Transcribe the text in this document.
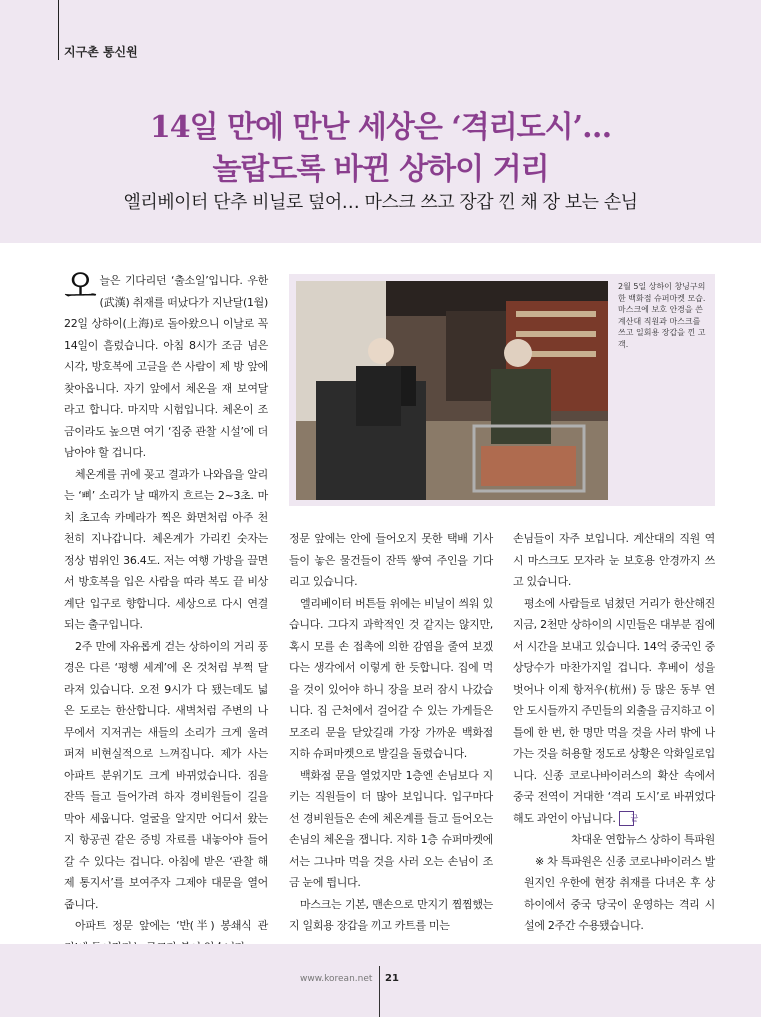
지구촌 통신원
14일 만에 만난 세상은 ‘격리도시’…
놀랍도록 바뀐 상하이 거리
엘리베이터 단추 비닐로 덮어… 마스크 쓰고 장갑 낀 채 장 보는 손님
2월 5일 상하이 창닝구의 한 백화점 슈퍼마켓 모습. 마스크에 보호 안경을 쓴 계산대 직원과 마스크를 쓰고 일회용 장갑을 낀 고객.

오늘은 기다리던 ‘출소일’입니다. 우한(武漢) 취재를 떠났다가 지난달(1월) 22일 상하이(上海)로 돌아왔으니 이날로 꼭 14일이 흘렀습니다. 아침 8시가 조금 넘은 시각, 방호복에 고글을 쓴 사람이 제 방 앞에 찾아옵니다. 자기 앞에서 체온을 재 보여달라고 합니다. 마지막 시험입니다. 체온이 조금이라도 높으면 여기 ‘집중 관찰 시설’에 더 남아야 할 겁니다.

체온계를 귀에 꽂고 결과가 나와읍을 알리는 ‘삐’ 소리가 날 때까지 흐르는 2~3초. 마치 초고속 카메라가 찍은 화면처럼 아주 천천히 지나갑니다. 체온계가 가리킨 숫자는 정상 범위인 36.4도. 저는 여행 가방을 끌면서 방호복을 입은 사람을 따라 복도 끝 비상계단 입구로 향합니다. 세상으로 다시 연결되는 출구입니다.

2주 만에 자유롭게 걷는 상하이의 거리 풍경은 다른 ‘평행 세계’에 온 것처럼 부쩍 달라져 있습니다. 오전 9시가 다 됐는데도 넓은 도로는 한산합니다. 새벽처럼 주변의 나무에서 지저귀는 새들의 소리가 크게 울려 퍼져 비현실적으로 느껴집니다. 제가 사는 아파트 분위기도 크게 바뀌었습니다. 짐을 잔뜩 들고 들어가려 하자 경비원들이 길을 막아 세웁니다. 얼굴을 알지만 어디서 왔는지 항공권 같은 증빙 자료를 내놓아야 들어갈 수 있다는 겁니다. 아침에 받은 ‘관찰 해제 통지서’를 보여주자 그제야 대문을 열어 줍니다.

아파트 정문 앞에는 ‘반(半) 봉쇄식 관

정문 앞에는 안에 들어오지 못한 택배 기사들이 놓은 물건들이 잔뜩 쌓여 주인을 기다리고 있습니다.

엘리베이터 버튼들 위에는 비닐이 씌워 있습니다. 그다지 과학적인 것 같지는 않지만, 혹시 모를 손 접촉에 의한 감염을 줄여 보겠다는 생각에서 이렇게 한 듯합니다. 집에 먹을 것이 있어야 하니 장을 보러 잠시 나갔습니다. 집 근처에서 걸어갈 수 있는 가게들은 모조리 문을 닫았길래 가장 가까운 백화점 지하 슈퍼마켓으로 발길을 돌렸습니다.

백화점 문을 열었지만 1층엔 손님보다 지키는 직원들이 더 많아 보입니다. 입구마다 선 경비원들은 손에 체온계를 들고 들어오는 손님의 체온을 잽니다. 지하 1층 슈퍼마켓에서는 그나마 먹을 것을 사러 오는 손님이 조금 눈에 띕니다.

마스크는 기본, 맨손으로 만지기 찜찜했는지 일회용 장갑을 끼고 카트를 미는

손님들이 자주 보입니다. 계산대의 직원 역시 마스크도 모자라 눈 보호용 안경까지 쓰고 있습니다.

평소에 사람들로 넘쳤던 거리가 한산해진 지금, 2천만 상하이의 시민들은 대부분 집에서 시간을 보내고 있습니다. 14억 중국인 중 상당수가 마찬가지일 겁니다. 후베이 성을 벗어나 이제 항저우(杭州) 등 많은 동부 연안 도시들까지 주민들의 외출을 금지하고 이틀에 한 번, 한 명만 먹을 것을 사러 밖에 나가는 것을 허용할 정도로 상황은 악화일로입니다. 신종 코로나바이러스의 확산 속에서 중국 전역이 거대한 ‘격리 도시’로 바뀌었다 해도 과언이 아닙니다. 끝

차대운 연합뉴스 상하이 특파원

※ 차 특파원은 신종 코로나바이러스 발원지인 우한에 현장 취재를 다녀온 후 상하이에서 중국 당국이 운영하는 격리 시설에 2주간 수용됐습니다.

www.korean.net 21
